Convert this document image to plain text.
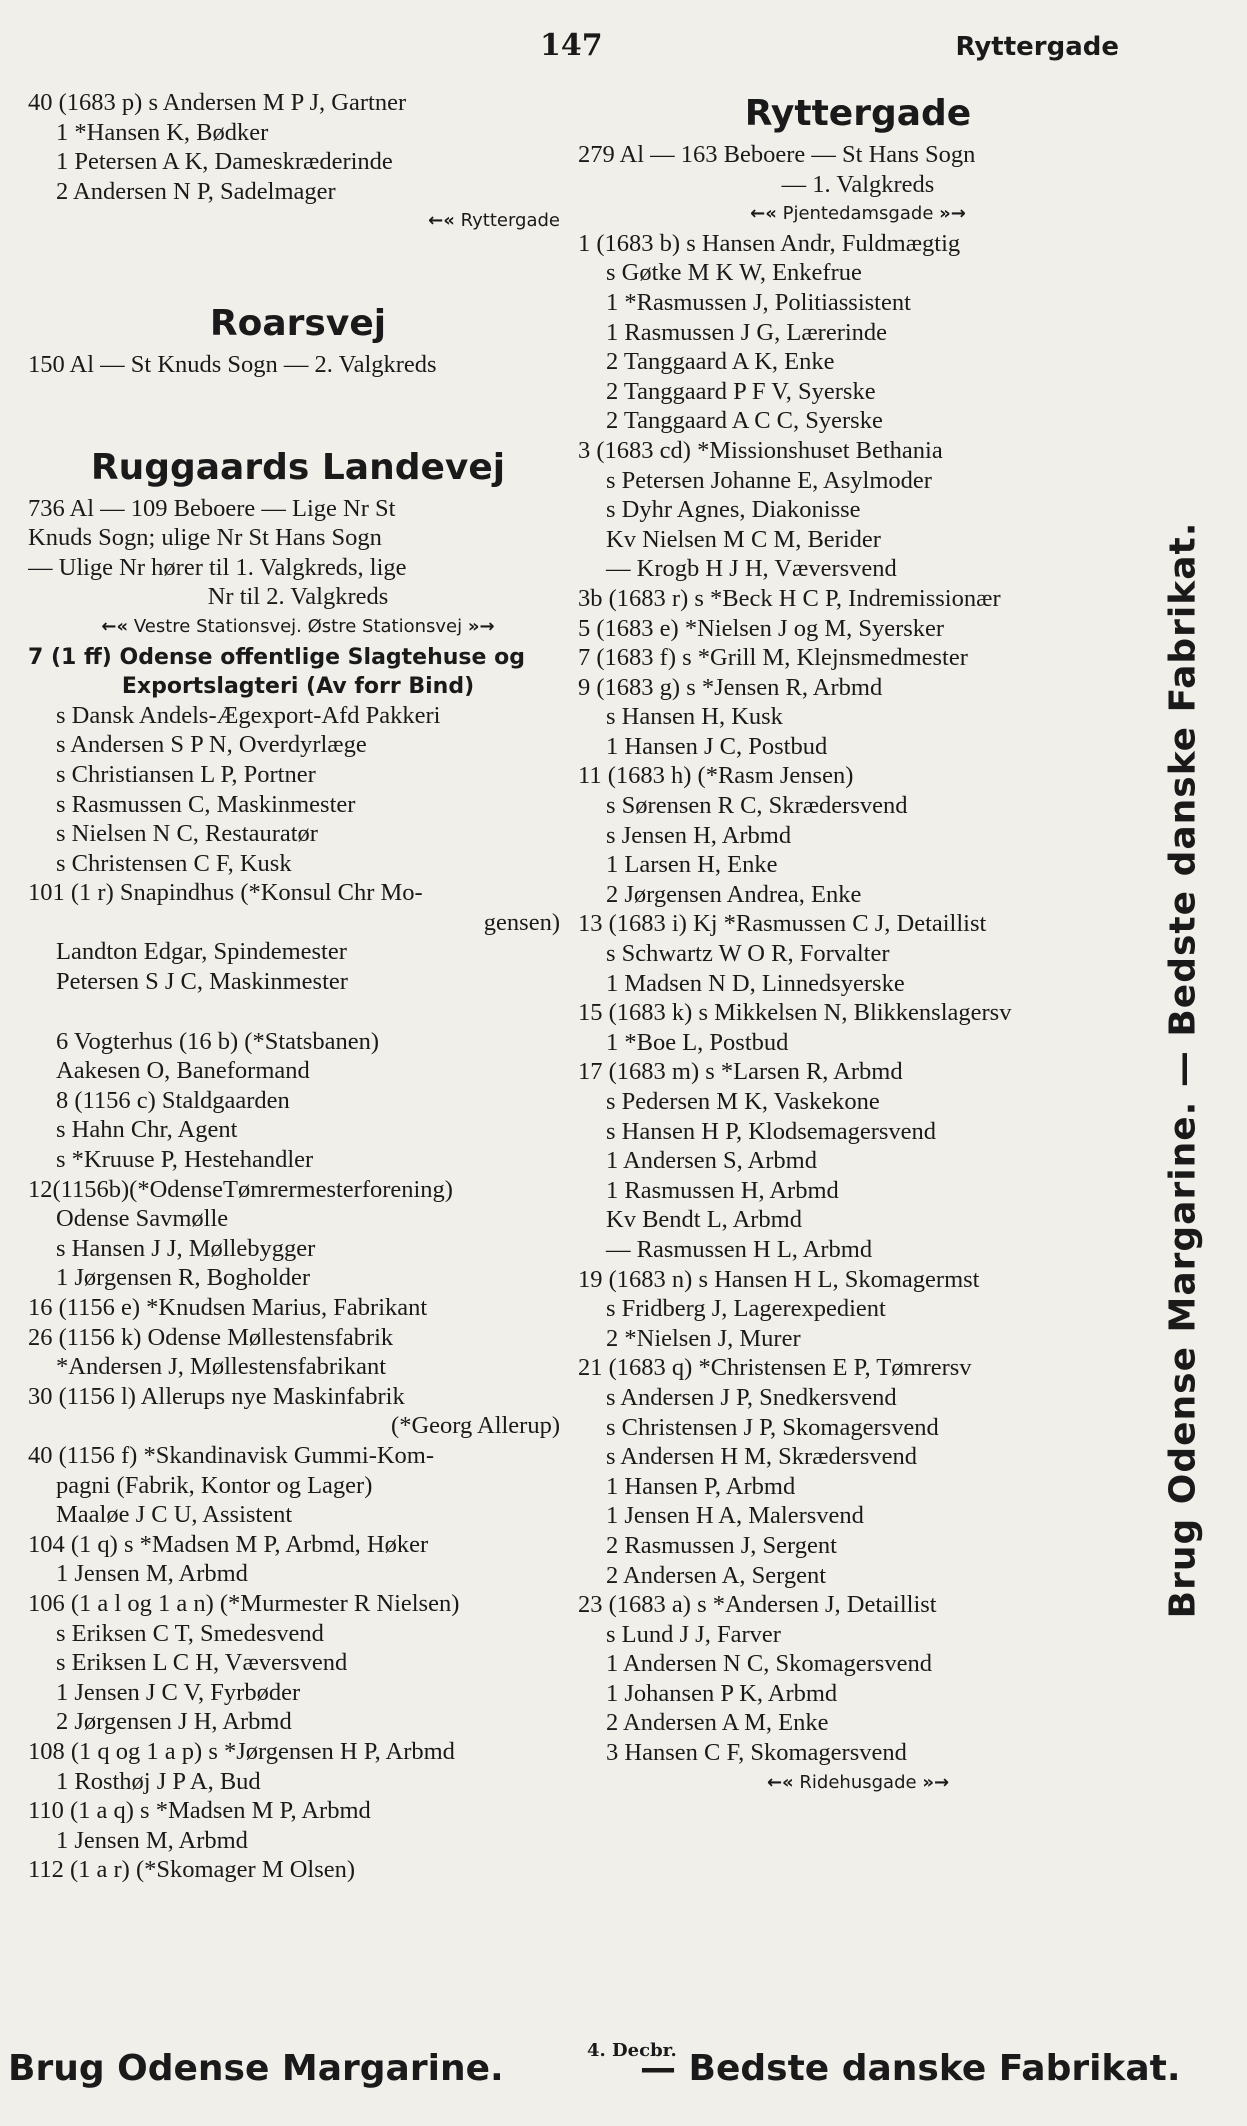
147	Ryttergade
40 (1683 p) s Andersen M P J, Gartner
1 *Hansen K, Bødker
1 Petersen A K, Dameskræderinde
2 Andersen N P, Sadelmager
←« Ryttergade
Roarsvej
150 Al — St Knuds Sogn — 2. Valgkreds
Ruggaards Landevej
736 Al — 109 Beboere — Lige Nr St
Knuds Sogn; ulige Nr St Hans Sogn
— Ulige Nr hører til 1. Valgkreds, lige
Nr til 2. Valgkreds
←« Vestre Stationsvej. Østre Stationsvej »→
7 (1 ff) Odense offentlige Slagtehuse og
Exportslagteri (Av forr Bind)
s Dansk Andels-Ægexport-Afd Pakkeri
s Andersen S P N, Overdyrlæge
s Christiansen L P, Portner
s Rasmussen C, Maskinmester
s Nielsen N C, Restauratør
s Christensen C F, Kusk
101 (1 r) Snapindhus (*Konsul Chr Mo-
gensen)
Landton Edgar, Spindemester
Petersen S J C, Maskinmester
6 Vogterhus (16 b) (*Statsbanen)
Aakesen O, Baneformand
8 (1156 c) Staldgaarden
s Hahn Chr, Agent
s *Kruuse P, Hestehandler
12(1156b)(*OdenseTømrermesterforening)
Odense Savmølle
s Hansen J J, Møllebygger
1 Jørgensen R, Bogholder
16 (1156 e) *Knudsen Marius, Fabrikant
26 (1156 k) Odense Møllestensfabrik
*Andersen J, Møllestensfabrikant
30 (1156 l) Allerups nye Maskinfabrik
(*Georg Allerup)
40 (1156 f) *Skandinavisk Gummi-Kom-
pagni (Fabrik, Kontor og Lager)
Maaløe J C U, Assistent
104 (1 q) s *Madsen M P, Arbmd, Høker
1 Jensen M, Arbmd
106 (1 a l og 1 a n) (*Murmester R Nielsen)
s Eriksen C T, Smedesvend
s Eriksen L C H, Væversvend
1 Jensen J C V, Fyrbøder
2 Jørgensen J H, Arbmd
108 (1 q og 1 a p) s *Jørgensen H P, Arbmd
1 Rosthøj J P A, Bud
110 (1 a q) s *Madsen M P, Arbmd
1 Jensen M, Arbmd
112 (1 a r) (*Skomager M Olsen)
Ryttergade
279 Al — 163 Beboere — St Hans Sogn
— 1. Valgkreds
←« Pjentedamsgade »→
1 (1683 b) s Hansen Andr, Fuldmægtig
s Gøtke M K W, Enkefrue
1 *Rasmussen J, Politiassistent
1 Rasmussen J G, Lærerinde
2 Tanggaard A K, Enke
2 Tanggaard P F V, Syerske
2 Tanggaard A C C, Syerske
3 (1683 cd) *Missionshuset Bethania
s Petersen Johanne E, Asylmoder
s Dyhr Agnes, Diakonisse
Kv Nielsen M C M, Berider
— Krogb H J H, Væversvend
3b (1683 r) s *Beck H C P, Indremissionær
5 (1683 e) *Nielsen J og M, Syersker
7 (1683 f) s *Grill M, Klejnsmedmester
9 (1683 g) s *Jensen R, Arbmd
s Hansen H, Kusk
1 Hansen J C, Postbud
11 (1683 h) (*Rasm Jensen)
s Sørensen R C, Skrædersvend
s Jensen H, Arbmd
1 Larsen H, Enke
2 Jørgensen Andrea, Enke
13 (1683 i) Kj *Rasmussen C J, Detaillist
s Schwartz W O R, Forvalter
1 Madsen N D, Linnedsyerske
15 (1683 k) s Mikkelsen N, Blikkenslagersv
1 *Boe L, Postbud
17 (1683 m) s *Larsen R, Arbmd
s Pedersen M K, Vaskekone
s Hansen H P, Klodsemagersvend
1 Andersen S, Arbmd
1 Rasmussen H, Arbmd
Kv Bendt L, Arbmd
— Rasmussen H L, Arbmd
19 (1683 n) s Hansen H L, Skomagermst
s Fridberg J, Lagerexpedient
2 *Nielsen J, Murer
21 (1683 q) *Christensen E P, Tømrersv
s Andersen J P, Snedkersvend
s Christensen J P, Skomagersvend
s Andersen H M, Skrædersvend
1 Hansen P, Arbmd
1 Jensen H A, Malersvend
2 Rasmussen J, Sergent
2 Andersen A, Sergent
23 (1683 a) s *Andersen J, Detaillist
s Lund J J, Farver
1 Andersen N C, Skomagersvend
1 Johansen P K, Arbmd
2 Andersen A M, Enke
3 Hansen C F, Skomagersvend
←« Ridehusgade »→
Brug Odense Margarine. — Bedste danske Fabrikat.
Brug Odense Margarine.	4. Decbr.
— Bedste danske Fabrikat.
